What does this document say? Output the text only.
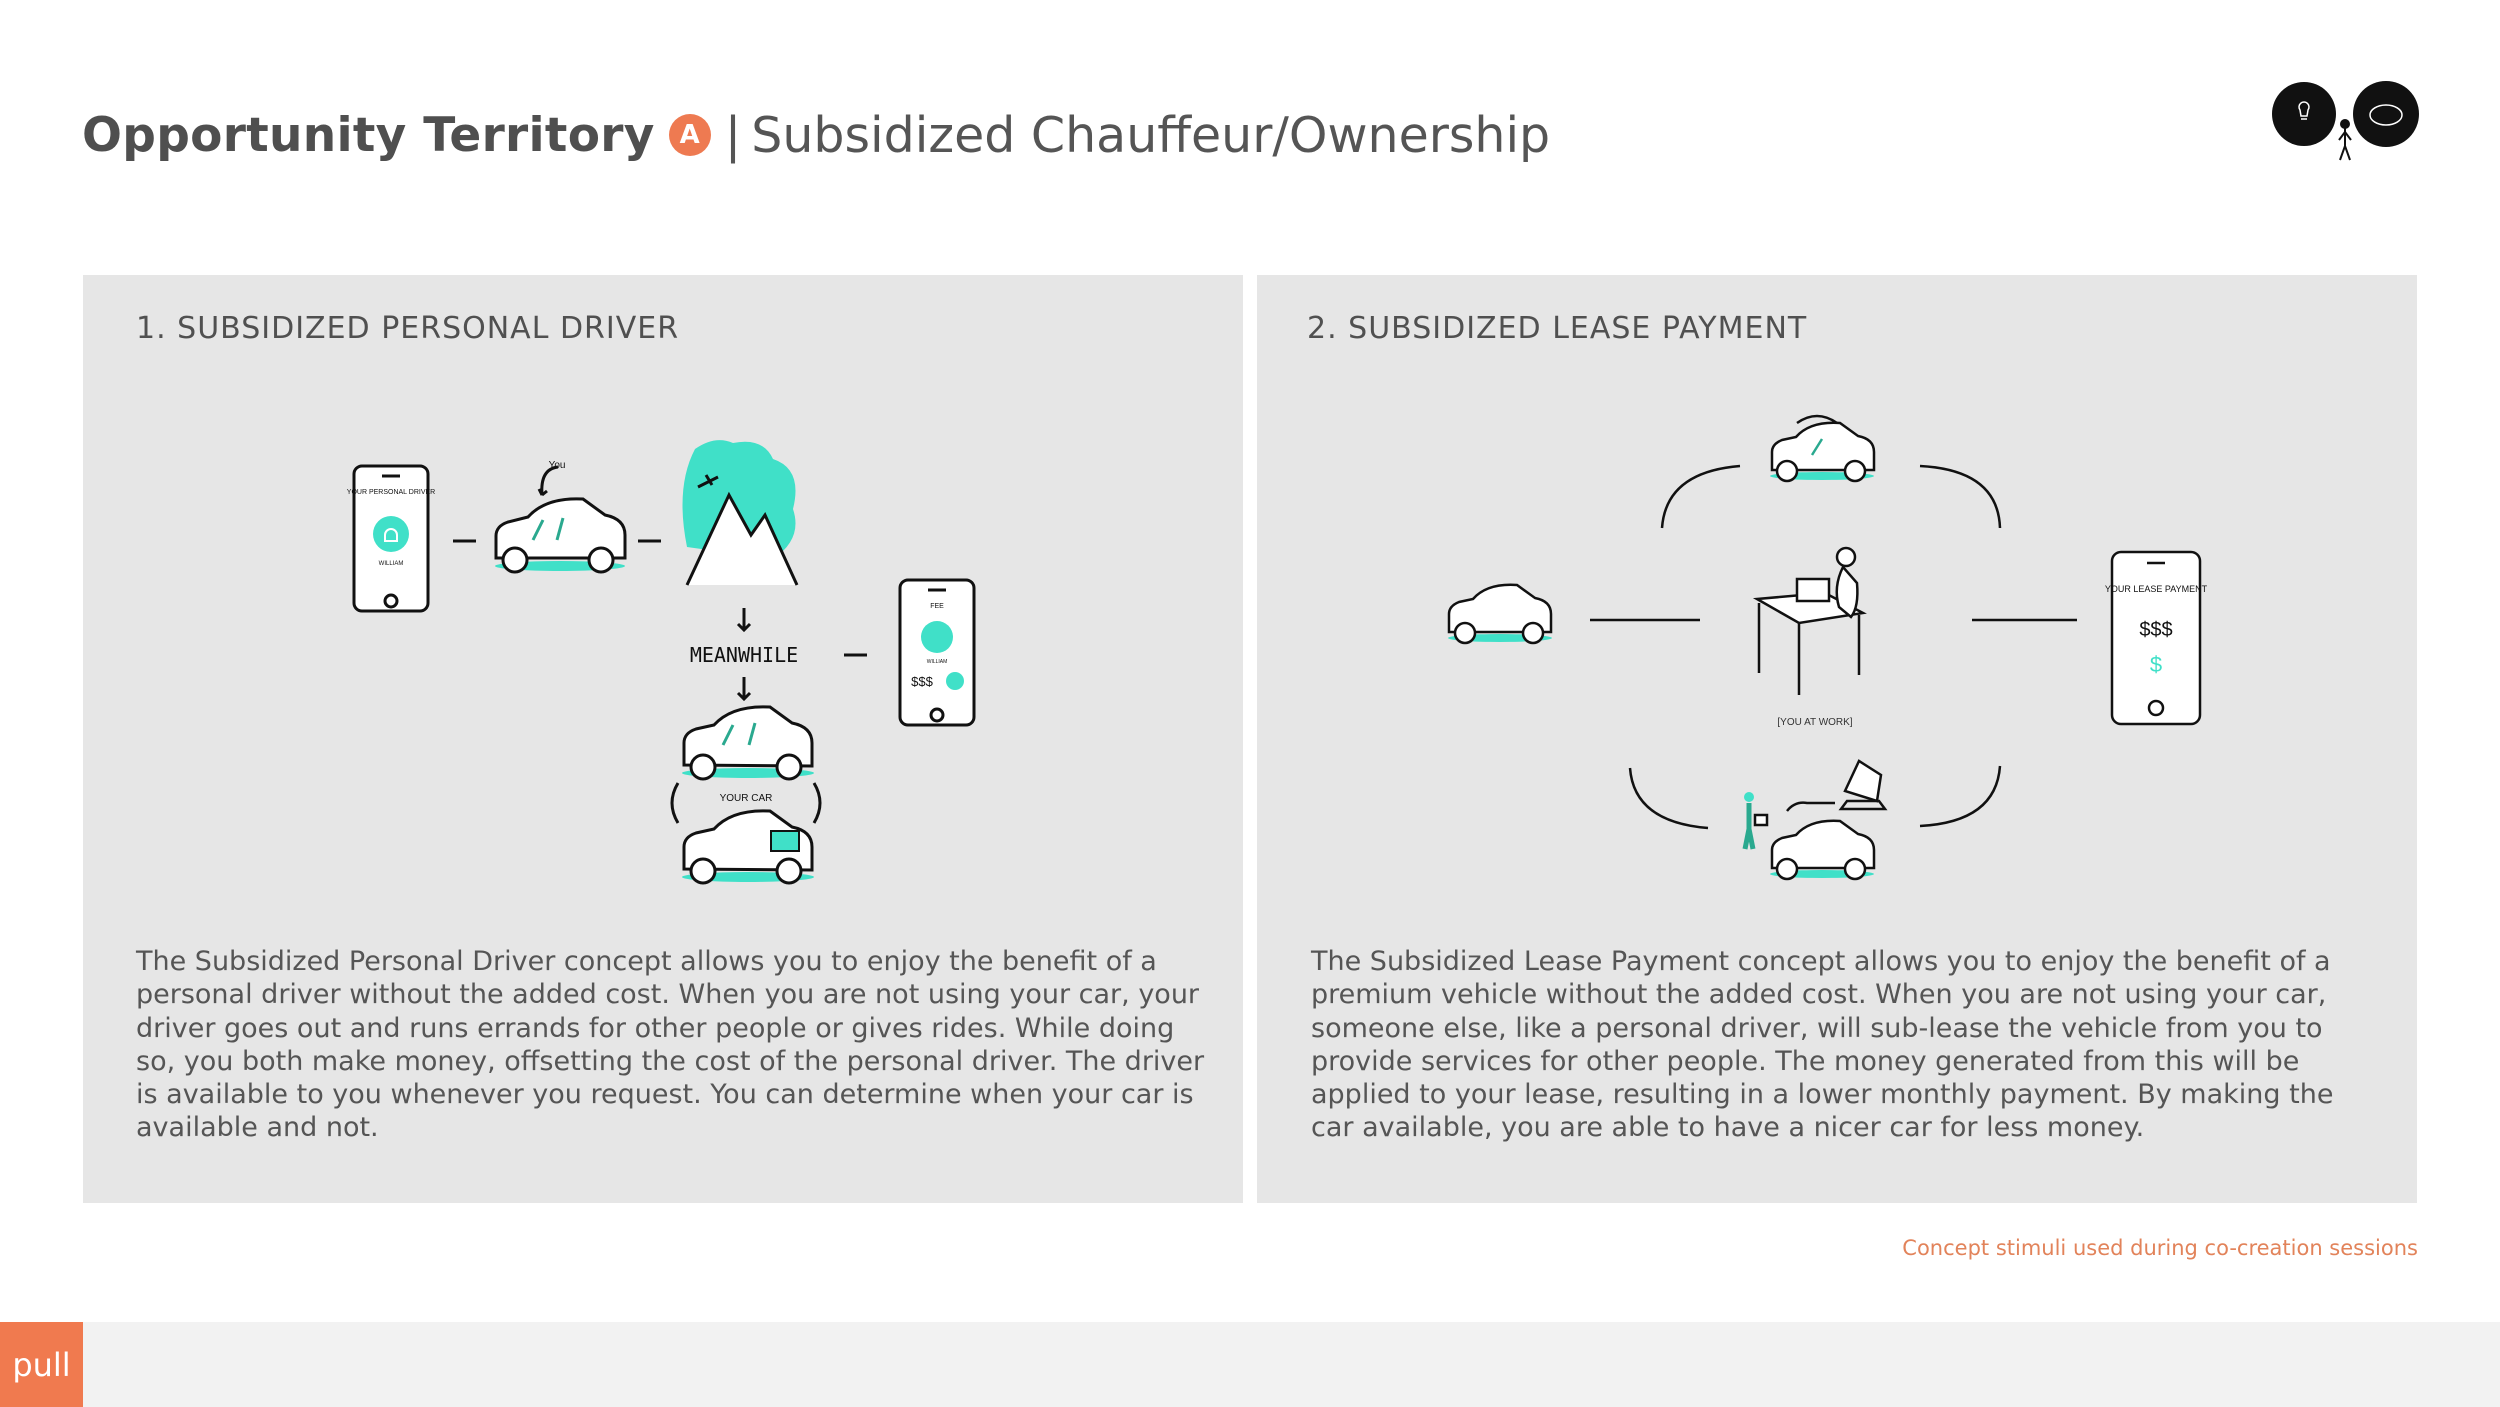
Opportunity Territory A | Subsidized Chauffeur/Ownership
1. SUBSIDIZED PERSONAL DRIVER
YOUR PERSONAL DRIVER
WILLIAM
You
MEANWHILE
FEE
WILLIAM
$$$
YOUR CAR
The Subsidized Personal Driver concept allows you to enjoy the benefit of a personal driver without the added cost. When you are not using your car, your driver goes out and runs errands for other people or gives rides. While doing so, you both make money, offsetting the cost of the personal driver. The driver is available to you whenever you request. You can determine when your car is available and not.
2. SUBSIDIZED LEASE PAYMENT
[YOU AT WORK]
YOUR LEASE PAYMENT
$$$
$
The Subsidized Lease Payment concept allows you to enjoy the benefit of a premium vehicle without the added cost. When you are not using your car, someone else, like a personal driver, will sub-lease the vehicle from you to provide services for other people. The money generated from this will be applied to your lease, resulting in a lower monthly payment. By making the car available, you are able to have a nicer car for less money.
Concept stimuli used during co-creation sessions
pull
